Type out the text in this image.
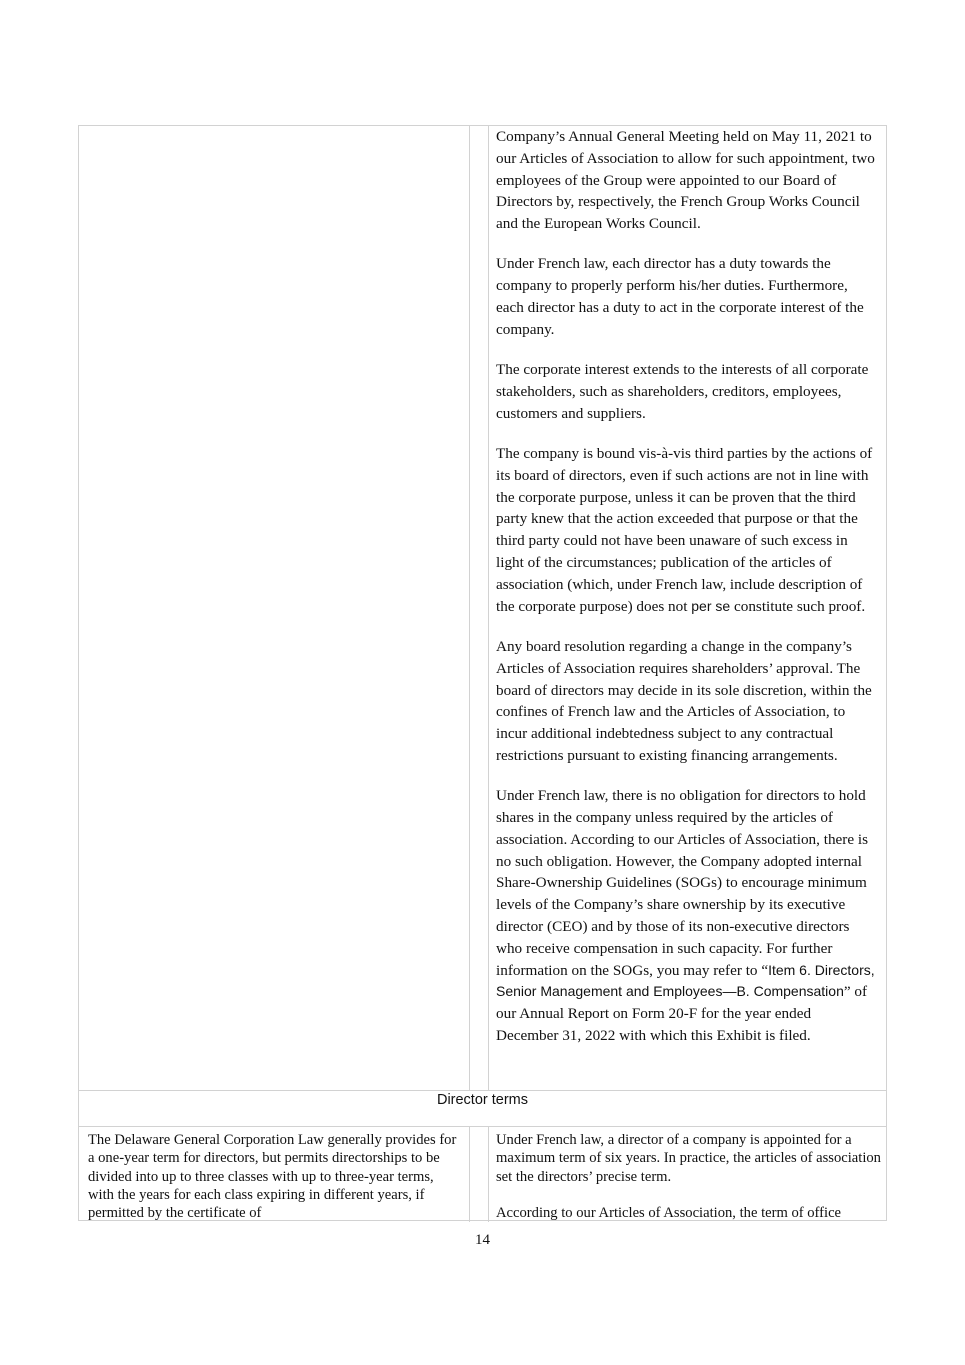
Company’s Annual General Meeting held on May 11, 2021 to our Articles of Association to allow for such appointment, two employees of the Group were appointed to our Board of Directors by, respectively, the French Group Works Council and the European Works Council.

Under French law, each director has a duty towards the company to properly perform his/her duties. Furthermore, each director has a duty to act in the corporate interest of the company.

The corporate interest extends to the interests of all corporate stakeholders, such as shareholders, creditors, employees, customers and suppliers.

The company is bound vis-à-vis third parties by the actions of its board of directors, even if such actions are not in line with the corporate purpose, unless it can be proven that the third party knew that the action exceeded that purpose or that the third party could not have been unaware of such excess in light of the circumstances; publication of the articles of association (which, under French law, include description of the corporate purpose) does not per se constitute such proof.

Any board resolution regarding a change in the company’s Articles of Association requires shareholders’ approval. The board of directors may decide in its sole discretion, within the confines of French law and the Articles of Association, to incur additional indebtedness subject to any contractual restrictions pursuant to existing financing arrangements.

Under French law, there is no obligation for directors to hold shares in the company unless required by the articles of association. According to our Articles of Association, there is no such obligation. However, the Company adopted internal Share-Ownership Guidelines (SOGs) to encourage minimum levels of the Company’s share ownership by its executive director (CEO) and by those of its non-executive directors who receive compensation in such capacity. For further information on the SOGs, you may refer to “Item 6. Directors, Senior Management and Employees—B. Compensation” of our Annual Report on Form 20-F for the year ended December 31, 2022 with which this Exhibit is filed.

Director terms
The Delaware General Corporation Law generally provides for a one-year term for directors, but permits directorships to be divided into up to three classes with up to three-year terms, with the years for each class expiring in different years, if permitted by the certificate of

Under French law, a director of a company is appointed for a maximum term of six years. In practice, the articles of association set the directors’ precise term.

According to our Articles of Association, the term of office

14
